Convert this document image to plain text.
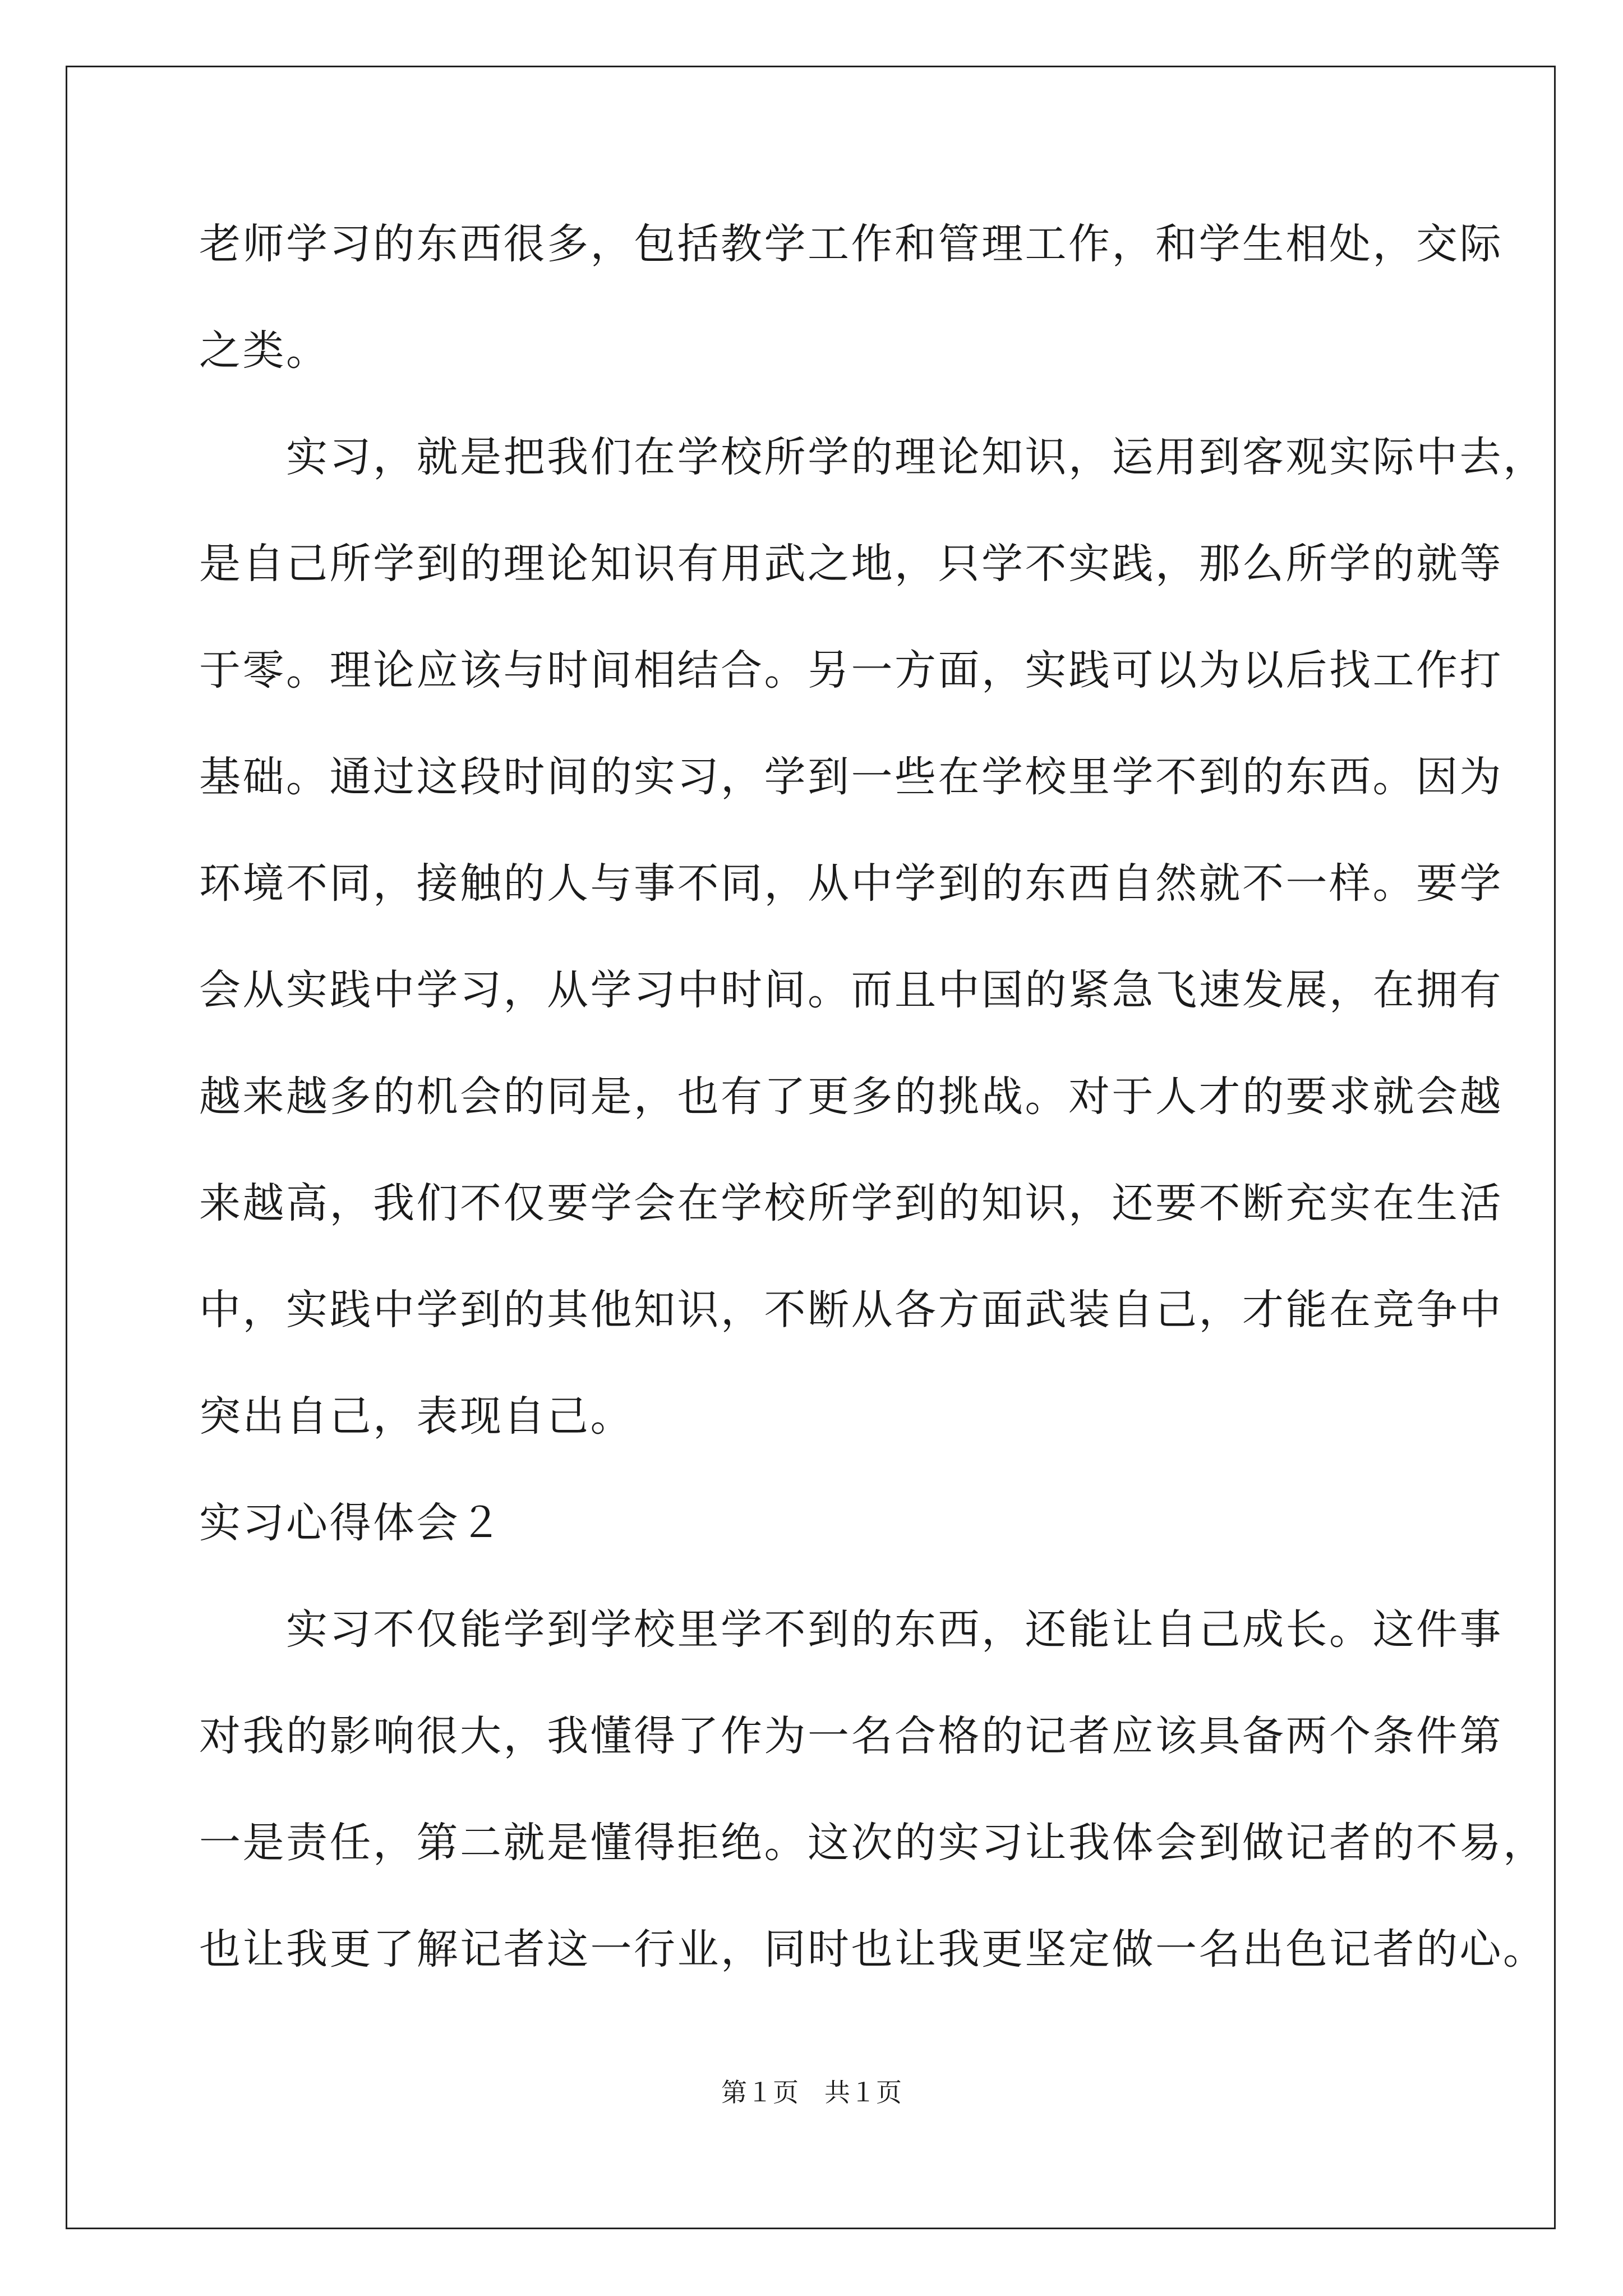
老师学习的东西很多，包括教学工作和管理工作，和学生相处，交际
之类。
　　实习，就是把我们在学校所学的理论知识，运用到客观实际中去，
是自己所学到的理论知识有用武之地，只学不实践，那么所学的就等
于零。理论应该与时间相结合。另一方面，实践可以为以后找工作打
基础。通过这段时间的实习，学到一些在学校里学不到的东西。因为
环境不同，接触的人与事不同，从中学到的东西自然就不一样。要学
会从实践中学习，从学习中时间。而且中国的紧急飞速发展，在拥有
越来越多的机会的同是，也有了更多的挑战。对于人才的要求就会越
来越高，我们不仅要学会在学校所学到的知识，还要不断充实在生活
中，实践中学到的其他知识，不断从各方面武装自己，才能在竞争中
突出自己，表现自己。
实习心得体会２
　　实习不仅能学到学校里学不到的东西，还能让自己成长。这件事
对我的影响很大，我懂得了作为一名合格的记者应该具备两个条件第
一是责任，第二就是懂得拒绝。这次的实习让我体会到做记者的不易，
也让我更了解记者这一行业，同时也让我更坚定做一名出色记者的心。
第１页　共１页
